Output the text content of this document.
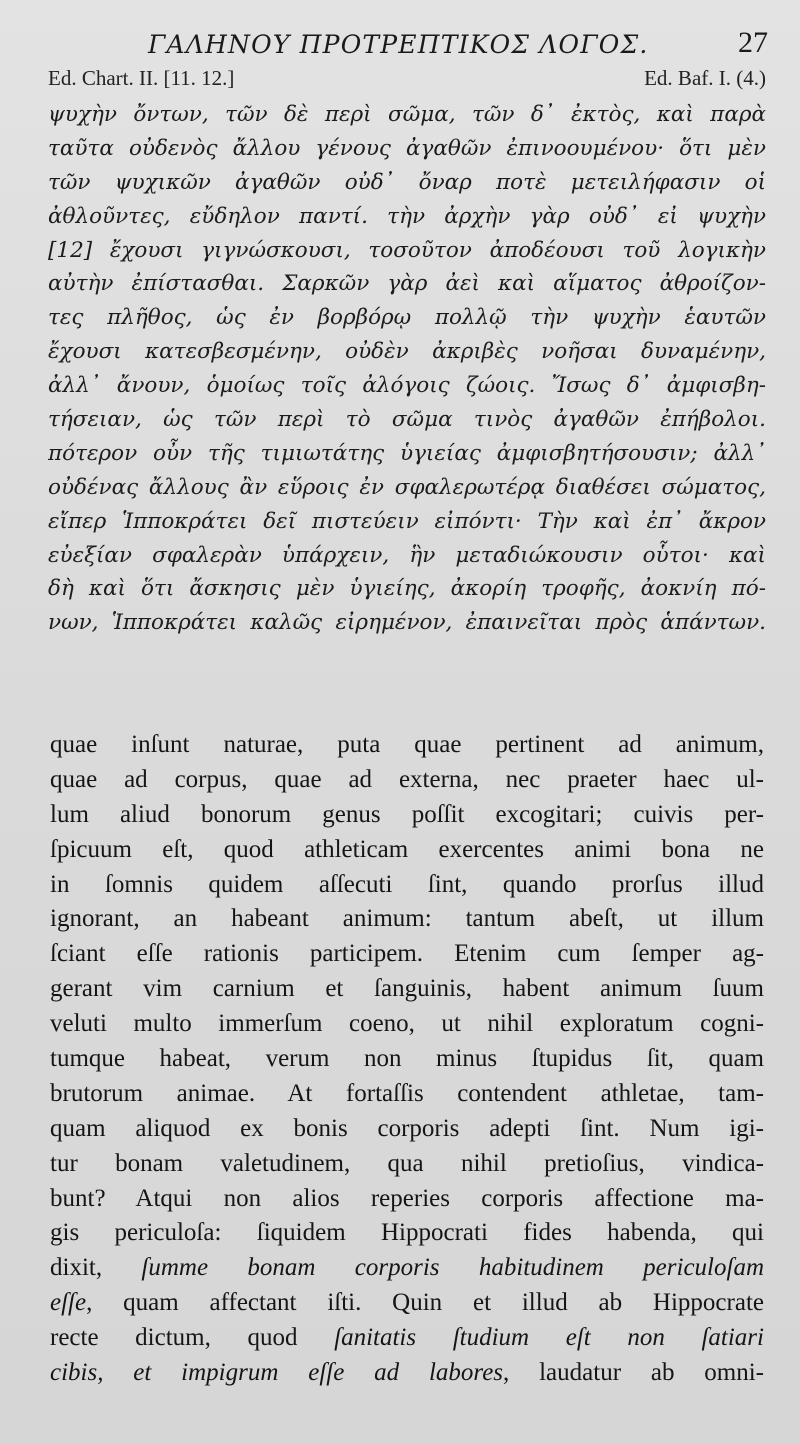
ΓΑΛΗΝΟΥ ΠΡΟΤΡΕΠΤΙΚΟΣ ΛΟΓΟΣ.	27
Ed. Chart. II. [11. 12.]	Ed. Baf. I. (4.)
ψυχὴν ὄντων, τῶν δὲ περὶ σῶμα, τῶν δ᾽ ἐκτὸς, καὶ παρὰ
ταῦτα οὐδενὸς ἄλλου γένους ἀγαθῶν ἐπινοουμένου· ὅτι μὲν
τῶν ψυχικῶν ἀγαθῶν οὐδ᾽ ὄναρ ποτὲ μετειλήφασιν οἱ
ἀθλοῦντες, εὔδηλον παντί. τὴν ἀρχὴν γὰρ οὐδ᾽ εἰ ψυχὴν
[12] ἔχουσι γιγνώσκουσι, τοσοῦτον ἀποδέουσι τοῦ λογικὴν
αὐτὴν ἐπίστασθαι. Σαρκῶν γὰρ ἀεὶ καὶ αἵματος ἀθροίζον-
τες πλῆθος, ὡς ἐν βορβόρῳ πολλῷ τὴν ψυχὴν ἑαυτῶν
ἔχουσι κατεσβεσμένην, οὐδὲν ἀκριβὲς νοῆσαι δυναμένην,
ἀλλ᾽ ἄνουν, ὁμοίως τοῖς ἀλόγοις ζώοις. Ἴσως δ᾽ ἀμφισβη-
τήσειαν, ὡς τῶν περὶ τὸ σῶμα τινὸς ἀγαθῶν ἐπήβολοι.
πότερον οὖν τῆς τιμιωτάτης ὑγιείας ἀμφισβητήσουσιν; ἀλλ᾽
οὐδένας ἄλλους ἂν εὕροις ἐν σφαλερωτέρᾳ διαθέσει σώματος,
εἴπερ Ἱπποκράτει δεῖ πιστεύειν εἰπόντι· Τὴν καὶ ἐπ᾽ ἄκρον
εὐεξίαν σφαλερὰν ὑπάρχειν, ἣν μεταδιώκουσιν οὗτοι· καὶ
δὴ καὶ ὅτι ἄσκησις μὲν ὑγιείης, ἀκορίη τροφῆς, ἀοκνίη πό-
νων, Ἱπποκράτει καλῶς εἰρημένον, ἐπαινεῖται πρὸς ἁπάντων.
quae inſunt naturae, puta quae pertinent ad animum,
quae ad corpus, quae ad externa, nec praeter haec ul-
lum aliud bonorum genus poſſit excogitari; cuivis per-
ſpicuum eſt, quod athleticam exercentes animi bona ne
in ſomnis quidem aſſecuti ſint, quando prorſus illud
ignorant, an habeant animum: tantum abeſt, ut illum
ſciant eſſe rationis participem. Etenim cum ſemper ag-
gerant vim carnium et ſanguinis, habent animum ſuum
veluti multo immerſum coeno, ut nihil exploratum cogni-
tumque habeat, verum non minus ſtupidus ſit, quam
brutorum animae. At fortaſſis contendent athletae, tam-
quam aliquod ex bonis corporis adepti ſint. Num igi-
tur bonam valetudinem, qua nihil pretioſius, vindica-
bunt? Atqui non alios reperies corporis affectione ma-
gis periculoſa: ſiquidem Hippocrati fides habenda, qui
dixit, ſumme bonam corporis habitudinem periculoſam
eſſe, quam affectant iſti. Quin et illud ab Hippocrate
recte dictum, quod ſanitatis ſtudium eſt non ſatiari
cibis, et impigrum eſſe ad labores, laudatur ab omni-
